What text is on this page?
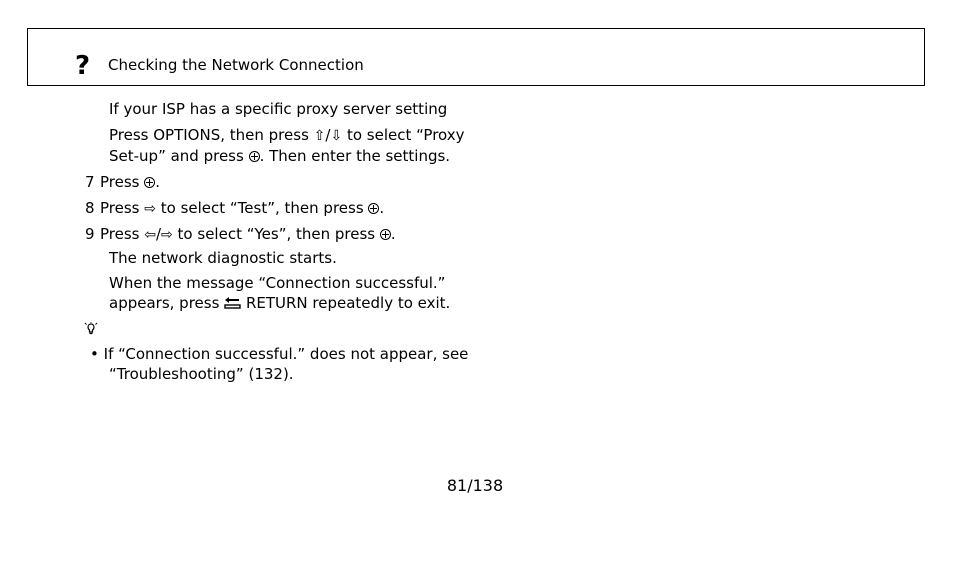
? Checking the Network Connection
If your ISP has a specific proxy server setting
Press OPTIONS, then press ⇧/⇩ to select “Proxy
Set-up” and press . Then enter the settings.
7 Press .
8 Press ⇨ to select “Test”, then press .
9 Press ⇦/⇨ to select “Yes”, then press .
The network diagnostic starts.
When the message “Connection successful.”
appears, press
RETURN repeatedly to exit.
• If “Connection successful.” does not appear, see
“Troubleshooting” (132).
81/138
